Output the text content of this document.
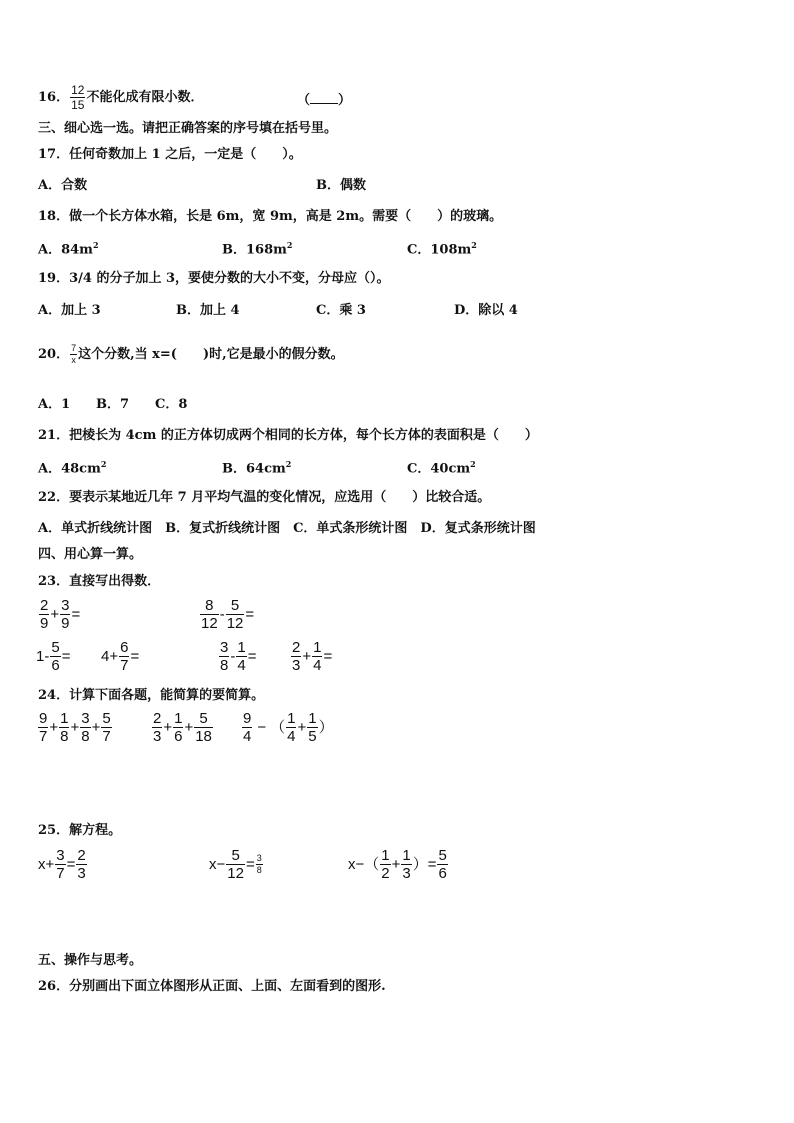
16． $\frac{12}{15}$ 不能化成有限小数．	（ ）
三、细心选一选。请把正确答案的序号填在括号里。
17．任何奇数加上 1 之后，一定是（　　）。
A．合数	B．偶数
18．做一个长方体水箱，长是 6m，宽 9m，高是 2m。需要（　　）的玻璃。
A．$84m^2$	B．$168m^2$	C．$108m^2$
19．3/4 的分子加上 3，要使分数的大小不变，分母应（）。
A．加上 3	B．加上 4	C．乘 3	D．除以 4
20． $\frac{7}{x}$ 这个分数,当 x=(　　)时,它是最小的假分数。
A．1 B．7 C．8
21．把棱长为 4cm 的正方体切成两个相同的长方体，每个长方体的表面积是（　　）
A．$48cm^2$	B．$64cm^2$	C．$40cm^2$
22．要表示某地近几年 7 月平均气温的变化情况，应选用（　　）比较合适。
A．单式折线统计图　B．复式折线统计图　C．单式条形统计图　D．复式条形统计图
四、用心算一算。
23．直接写出得数．
$\frac{2}{9} + \frac{3}{9}$ =	$\frac{8}{12} - \frac{5}{12}$ =
$1- \frac{5}{6} = 4+ \frac{6}{7}$ =	$\frac{3}{8} - \frac{1}{4} = \frac{2}{3} + \frac{1}{4}$ =
24．计算下面各题，能简算的要简算。
$\frac{9}{7} + \frac{1}{8} + \frac{3}{8} + \frac{5}{7}$	$\frac{2}{3} + \frac{1}{6} + \frac{5}{18} \frac{9}{4}$ − （ $\frac{1}{4} + \frac{1}{5}$ ）
25．解方程。
$x+ \frac{3}{7} = \frac{2}{3}$	$x- \frac{5}{12} = \frac{3}{8}$	$x-( \frac{1}{2} + \frac{1}{3}$ ）= $\frac{5}{6}$
五、操作与思考。
26．分别画出下面立体图形从正面、上面、左面看到的图形.
